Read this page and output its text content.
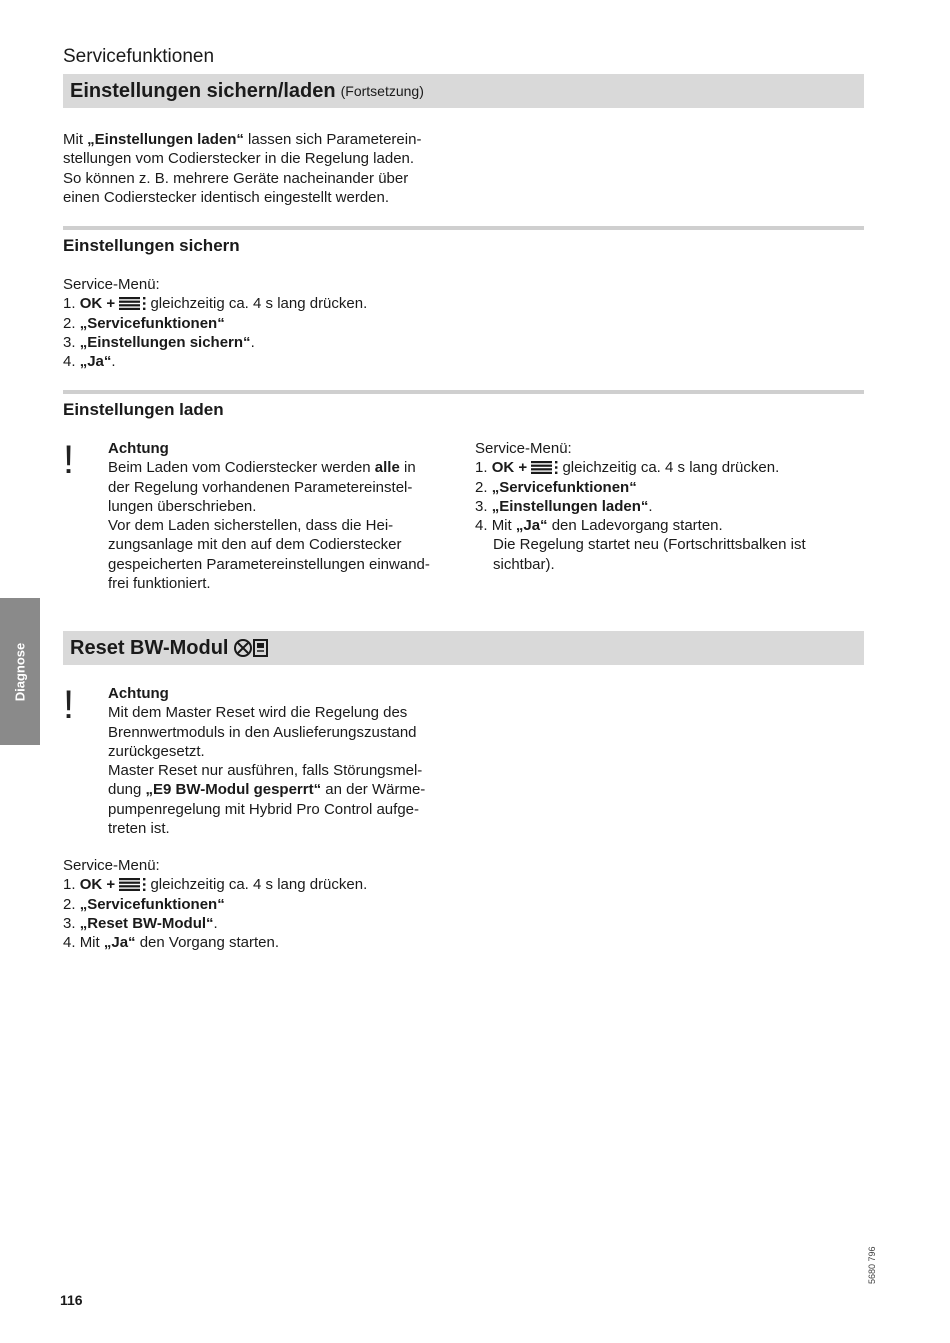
Servicefunktionen
Einstellungen sichern/laden (Fortsetzung)

Mit „Einstellungen laden“ lassen sich Parameterein-

stellungen vom Codierstecker in die Regelung laden.

So können z. B. mehrere Geräte nacheinander über

einen Codierstecker identisch eingestellt werden.

Einstellungen sichern

Service-Menü:

1. OK +  gleichzeitig ca. 4 s lang drücken.

2. „Servicefunktionen“

3. „Einstellungen sichern“.

4. „Ja“.

Einstellungen laden
! Achtung

Beim Laden vom Codierstecker werden alle in

der Regelung vorhandenen Parametereinstel-

lungen überschrieben.

Vor dem Laden sicherstellen, dass die Hei-

zungsanlage mit den auf dem Codierstecker

gespeicherten Parametereinstellungen einwand-

frei funktioniert.

Service-Menü:

1. OK +  gleichzeitig ca. 4 s lang drücken.

2. „Servicefunktionen“

3. „Einstellungen laden“.

4. Mit „Ja“ den Ladevorgang starten.

Die Regelung startet neu (Fortschrittsbalken ist

sichtbar).

Diagnose Reset BW-Modul
! Achtung

Mit dem Master Reset wird die Regelung des

Brennwertmoduls in den Auslieferungszustand

zurückgesetzt.

Master Reset nur ausführen, falls Störungsmel-

dung „E9 BW-Modul gesperrt“ an der Wärme-

pumpenregelung mit Hybrid Pro Control aufge-

treten ist.

Service-Menü:

1. OK +  gleichzeitig ca. 4 s lang drücken.

2. „Servicefunktionen“

3. „Reset BW-Modul“.

4. Mit „Ja“ den Vorgang starten.

5680 796
116
